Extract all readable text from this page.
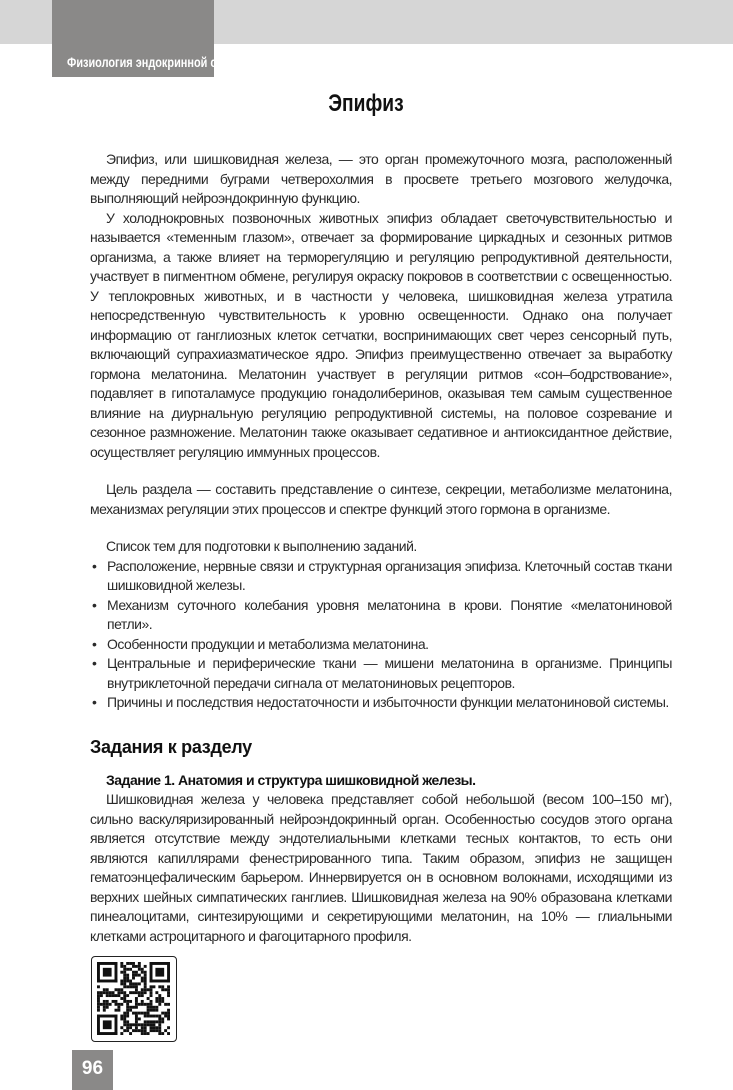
Физиология эндокринной системы
Эпифиз

Эпифиз, или шишковидная железа, — это орган промежуточного мозга, расположенный между передними буграми четверохолмия в просвете третьего мозгового желудочка, выполняющий нейроэндокринную функцию.

У холоднокровных позвоночных животных эпифиз обладает светочувствительностью и называется «теменным глазом», отвечает за формирование циркадных и сезонных ритмов организма, а также влияет на терморегуляцию и регуляцию репродуктивной деятельности, участвует в пигментном обмене, регулируя окраску покровов в соответствии с освещенностью. У теплокровных животных, и в частности у человека, шишковидная железа утратила непосредственную чувствительность к уровню освещенности. Однако она получает информацию от ганглиозных клеток сетчатки, воспринимающих свет через сенсорный путь, включающий супрахиазматическое ядро. Эпифиз преимущественно отвечает за выработку гормона мелатонина. Мелатонин участвует в регуляции ритмов «сон–бодрствование», подавляет в гипоталамусе продукцию гонадолиберинов, оказывая тем самым существенное влияние на диурнальную регуляцию репродуктивной системы, на половое созревание и сезонное размножение. Мелатонин также оказывает седативное и антиоксидантное действие, осуществляет регуляцию иммунных процессов.

Цель раздела — составить представление о синтезе, секреции, метаболизме мелатонина, механизмах регуляции этих процессов и спектре функций этого гормона в организме.

Список тем для подготовки к выполнению заданий.

• Расположение, нервные связи и структурная организация эпифиза. Клеточный состав ткани шишковидной железы.
• Механизм суточного колебания уровня мелатонина в крови. Понятие «мелатониновой петли».
• Особенности продукции и метаболизма мелатонина.
• Центральные и периферические ткани — мишени мелатонина в организме. Принципы внутриклеточной передачи сигнала от мелатониновых рецепторов.
• Причины и последствия недостаточности и избыточности функции мелатониновой системы.
Задания к разделу
Задание 1. Анатомия и структура шишковидной железы.

Шишковидная железа у человека представляет собой небольшой (весом 100–150 мг), сильно васкуляризированный нейроэндокринный орган. Особенностью сосудов этого органа является отсутствие между эндотелиальными клетками тесных контактов, то есть они являются капиллярами фенестрированного типа. Таким образом, эпифиз не защищен гематоэнцефалическим барьером. Иннервируется он в основном волокнами, исходящими из верхних шейных симпатических ганглиев. Шишковидная железа на 90% образована клетками пинеалоцитами, синтезирующими и секретирующими мелатонин, на 10% — глиальными клетками астроцитарного и фагоцитарного профиля.

96
